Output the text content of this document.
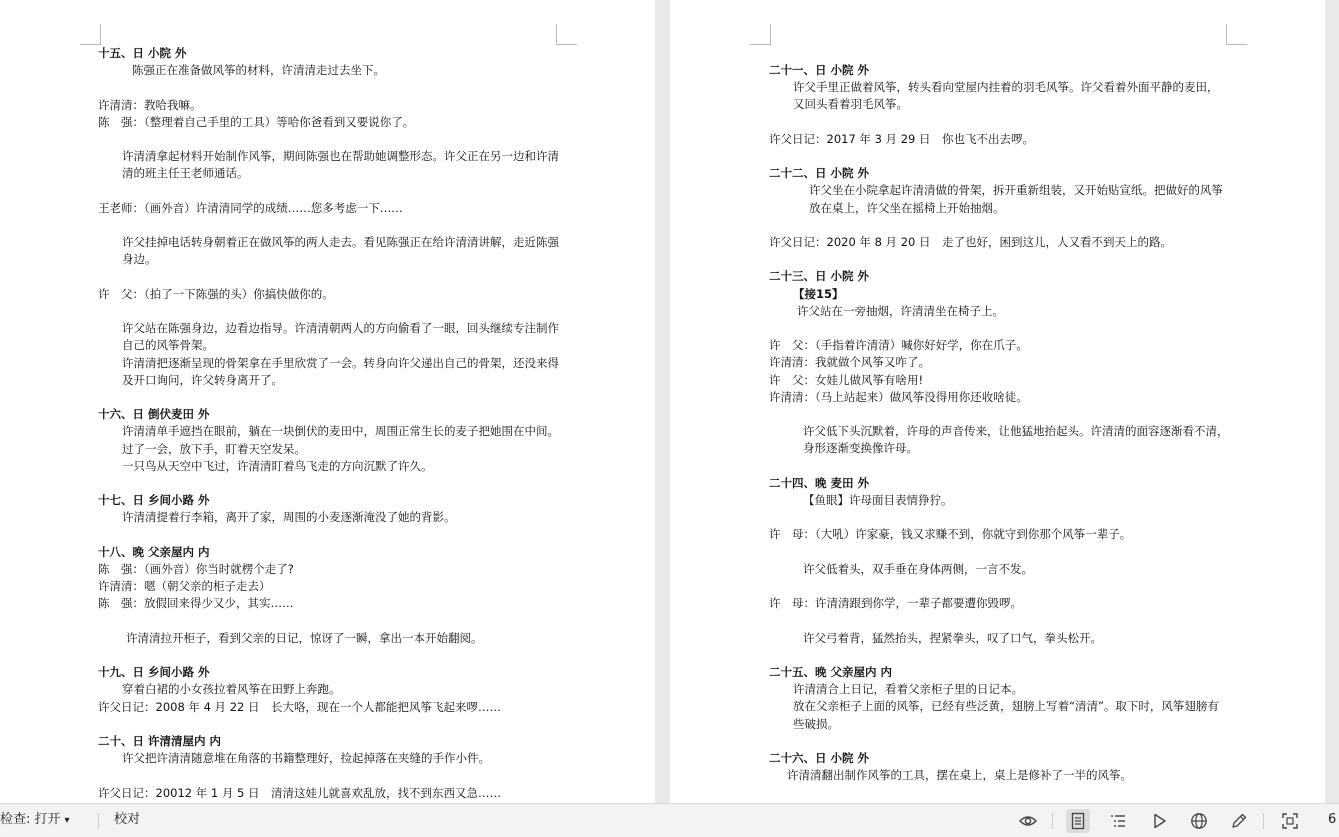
十五、日 小院 外
陈强正在准备做风筝的材料，许清清走过去坐下。
许清清：教哈我嘛。
陈　强：（整理着自己手里的工具）等哈你爸看到又要说你了。
许清清拿起材料开始制作风筝，期间陈强也在帮助她调整形态。许父正在另一边和许清清的班主任王老师通话。
王老师：（画外音）许清清同学的成绩……您多考虑一下……
许父挂掉电话转身朝着正在做风筝的两人走去。看见陈强正在给许清清讲解，走近陈强身边。
许　父：（拍了一下陈强的头）你搞快做你的。
许父站在陈强身边，边看边指导。许清清朝两人的方向偷看了一眼，回头继续专注制作自己的风筝骨架。
许清清把逐渐呈现的骨架拿在手里欣赏了一会。转身向许父递出自己的骨架，还没来得及开口询问，许父转身离开了。
十六、日 倒伏麦田 外
许清清单手遮挡在眼前，躺在一块倒伏的麦田中，周围正常生长的麦子把她围在中间。过了一会，放下手，盯着天空发呆。
一只鸟从天空中飞过，许清清盯着鸟飞走的方向沉默了许久。
十七、日 乡间小路 外
许清清提着行李箱，离开了家，周围的小麦逐渐淹没了她的背影。
十八、晚 父亲屋内 内
陈　强：（画外音）你当时就楞个走了?
许清清：嗯（朝父亲的柜子走去）
陈　强：放假回来得少又少，其实……
许清清拉开柜子，看到父亲的日记，惊讶了一瞬，拿出一本开始翻阅。
十九、日 乡间小路 外
穿着白裙的小女孩拉着风筝在田野上奔跑。
许父日记：2008 年 4 月 22 日　长大咯，现在一个人都能把风筝飞起来啰……
二十、日 许清清屋内 内
许父把许清清随意堆在角落的书籍整理好，捡起掉落在夹缝的手作小件。
许父日记：20012 年 1 月 5 日　清清这娃儿就喜欢乱放，找不到东西又急……
二十一、日 小院 外
许父手里正做着风筝，转头看向堂屋内挂着的羽毛风筝。许父看着外面平静的麦田，又回头看着羽毛风筝。
许父日记：2017 年 3 月 29 日　你也飞不出去啰。
二十二、日 小院 外
许父坐在小院拿起许清清做的骨架，拆开重新组装，又开始贴宣纸。把做好的风筝放在桌上，许父坐在摇椅上开始抽烟。
许父日记：2020 年 8 月 20 日　走了也好，困到这儿，人又看不到天上的路。
二十三、日 小院 外
【接15】
许父站在一旁抽烟，许清清坐在椅子上。
许　父：（手指着许清清）喊你好好学，你在爪子。
许清清：我就做个风筝又咋了。
许　父：女娃儿做风筝有啥用!
许清清：（马上站起来）做风筝没得用你还收啥徒。
许父低下头沉默着，许母的声音传来，让他猛地抬起头。许清清的面容逐渐看不清，身形逐渐变换像许母。
二十四、晚 麦田 外
【鱼眼】许母面目表情狰狞。
许　母：（大吼）许家豪，钱又求赚不到，你就守到你那个风筝一辈子。
许父低着头，双手垂在身体两侧，一言不发。
许　母：许清清跟到你学，一辈子都要遭你毁啰。
许父弓着背，猛然抬头，捏紧拳头，叹了口气，拳头松开。
二十五、晚 父亲屋内 内
许清清合上日记，看着父亲柜子里的日记本。
放在父亲柜子上面的风筝，已经有些泛黄，翅膀上写着“清清”。取下时，风筝翅膀有些破损。
二十六、日 小院 外
许清清翻出制作风筝的工具，摆在桌上，桌上是修补了一半的风筝。
检查: 打开 ▾	校对	6
